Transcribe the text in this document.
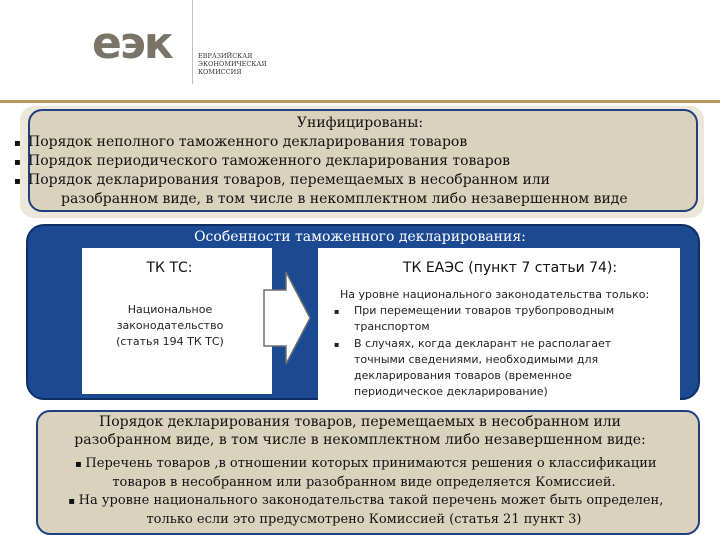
еэк	ЕВРАЗИЙСКАЯ
ЭКОНОМИЧЕСКАЯ
КОМИССИЯ
Унифицированы:
▪ Порядок неполного таможенного декларирования товаров
▪ Порядок периодического таможенного декларирования товаров
▪ Порядок декларирования товаров, перемещаемых в несобранном или
разобранном виде, в том числе в некомплектном либо незавершенном виде
Особенности таможенного декларирования:
ТК ТС:	ТК ЕАЭС (пункт 7 статьи 74):
Национальное
законодательство
(статья 194 ТК ТС)
На уровне национального законодательства только:
▪ При перемещении товаров трубопроводным транспортом
▪ В случаях, когда декларант не располагает точными сведениями, необходимыми для декларирования товаров (временное периодическое декларирование)
Порядок декларирования товаров, перемещаемых в несобранном или
разобранном виде, в том числе в некомплектном либо незавершенном виде:
▪ Перечень товаров ,в отношении которых принимаются решения о классификации
товаров в несобранном или разобранном виде определяется Комиссией.
▪ На уровне национального законодательства такой перечень может быть определен,
только если это предусмотрено Комиссией (статья 21 пункт 3)
